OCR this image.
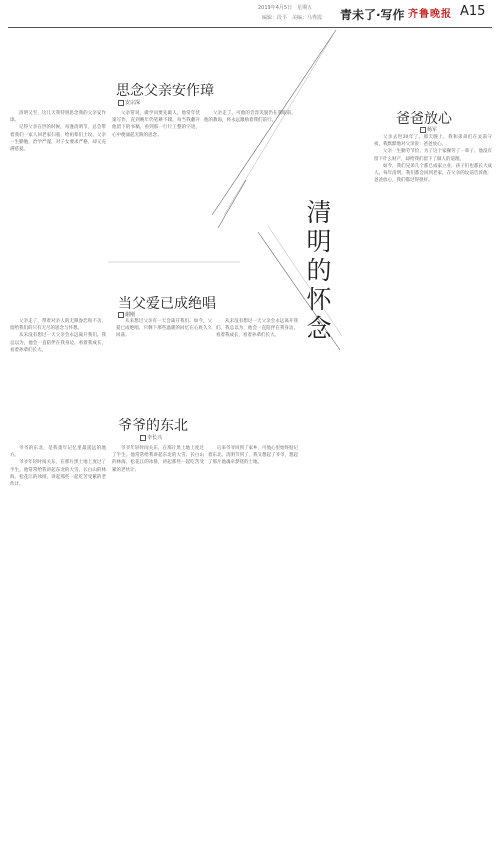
2019年4月5日　星期五
编辑：段平　美编：马秀霞 青未了·写作 齐鲁晚报 A15
清明的怀念
思念父亲安作璋
安宗深

清明又至，这几天我特别思念我的父亲安作璋。

记得父亲在世的时候，每逢清明节，总会带着我们一家人回老家扫墓，给祖辈们上坟。父亲一生勤勉，治学严谨，对子女要求严格，却又充满慈爱。

父亲常说，做学问要先做人。他常年伏案写作，直到晚年仍笔耕不辍。每当我翻开他留下的书稿，看到那一行行工整的字迹，心中便涌起无限的思念。

父亲走了，可他的音容笑貌仍在我眼前。他的教诲，将永远激励着我们前行。

当父爱已成绝唱
谢刚

父亲走了，带着对亲人的无限眷恋和不舍，留给我们的只有无尽的思念与怀想。

从未没有想过一天父亲会永远离开我们。我总以为，他会一直陪伴在我身边，看着我成长，看着孙辈们长大。

从来想过父亲有一天会离开我们。如今，父爱已成绝唱，只剩下那些温暖的回忆在心底久久回荡。

从未没有想过一天父亲会永远离开我们。我总以为，他会一直陪伴在我身边，看着我成长，看着孙辈们长大。

爷爷的东北
李长兴

爷爷的东北，是我童年记忆里最遥远的地方。

爷爷年轻时闯关东，在那片黑土地上度过了半生。他常常给我讲起东北的大雪、长白山的林海、松花江的冰排，讲起那些一起吃苦受累的老伙计。

爷爷年轻时闯关东，在那片黑土地上度过了半生。他常常给我讲起东北的大雪、长白山的林海、松花江的冰排，讲起那些一起吃苦受累的老伙计。

后来爷爷回到了家乡，可他心里始终惦记着东北。清明节到了，我又想起了爷爷，想起了那片他魂牵梦绕的土地。

爸爸放心
杨军

父亲去世30年了。那天晚上，我和弟弟们在灵前守夜，我默默地对父亲说：爸爸放心。

父亲一生勤劳节俭，为了这个家操劳了一辈子。他没有留下什么财产，却给我们留下了做人的道理。

如今，我们兄弟几个都已成家立业，孩子们也都长大成人。每年清明，我们都会回到老家，在父亲的坟前告诉他：爸爸放心，我们都过得很好。
